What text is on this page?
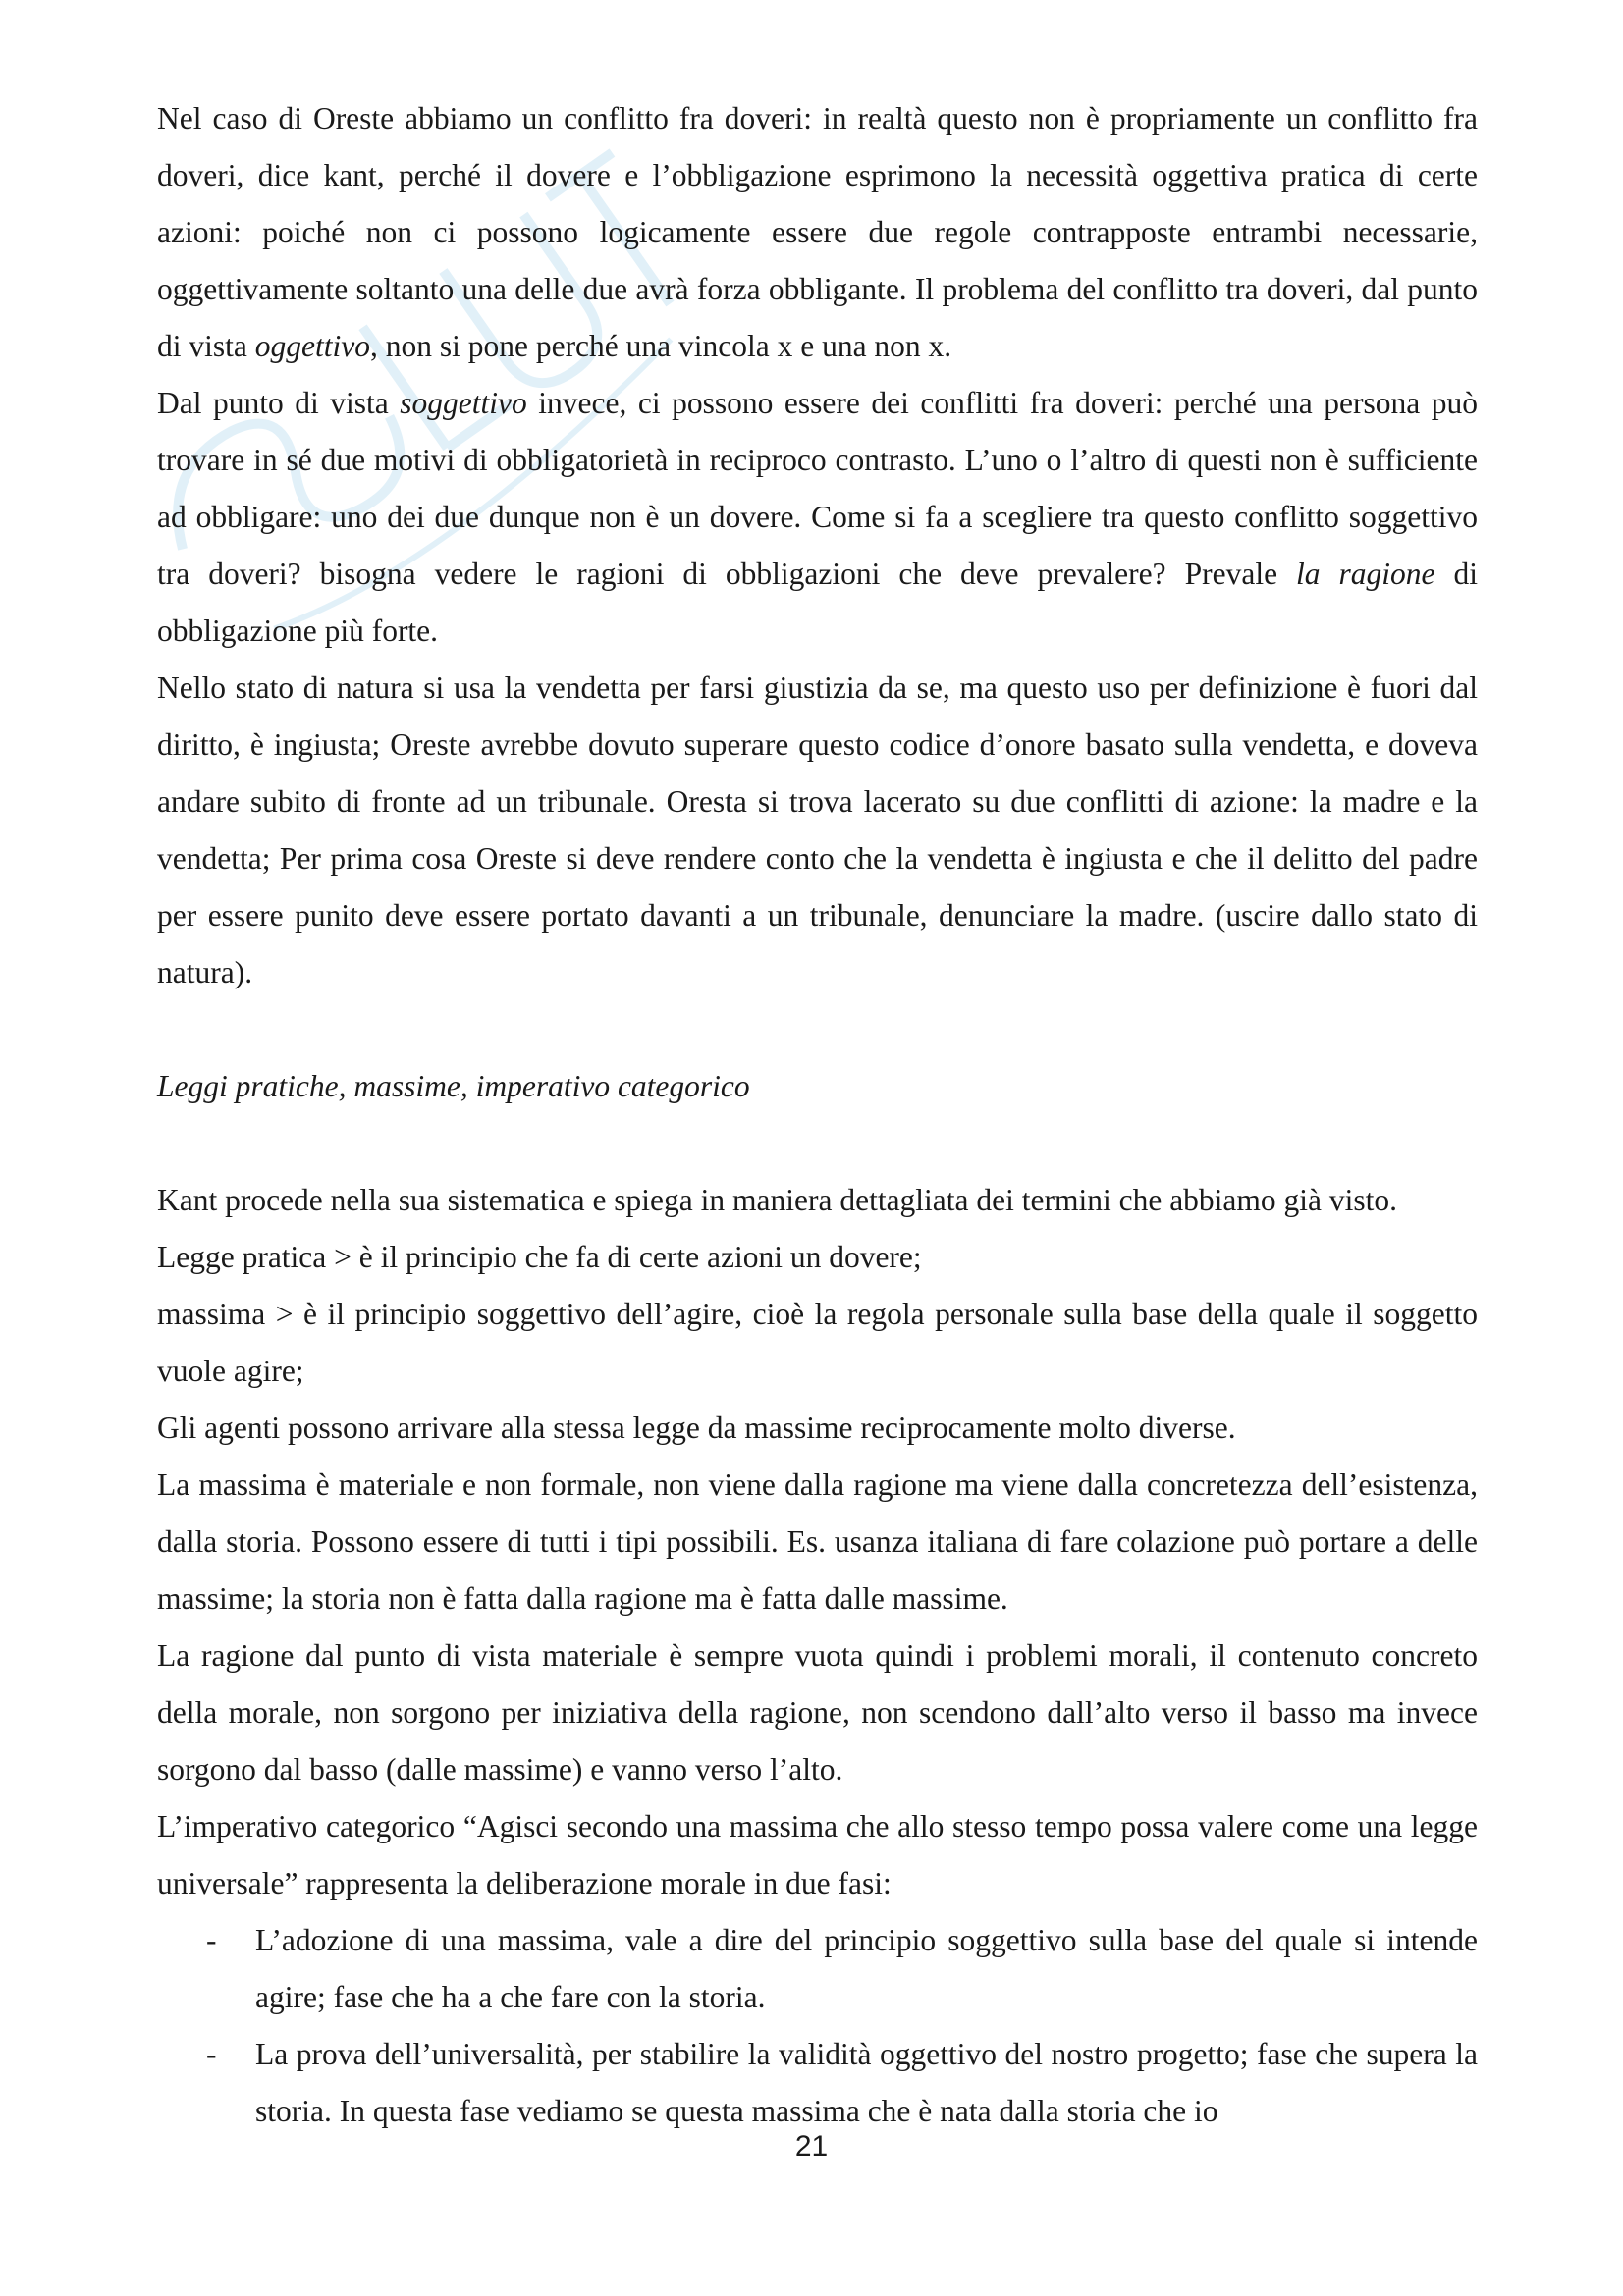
Nel caso di Oreste abbiamo un conflitto fra doveri: in realtà questo non è propriamente un conflitto fra doveri, dice kant, perché il dovere e l’obbligazione esprimono la necessità oggettiva pratica di certe azioni: poiché non ci possono logicamente essere due regole contrapposte entrambi necessarie, oggettivamente soltanto una delle due avrà forza obbligante. Il problema del conflitto tra doveri, dal punto di vista oggettivo, non si pone perché una vincola x e una non x.

Dal punto di vista soggettivo invece, ci possono essere dei conflitti fra doveri: perché una persona può trovare in sé due motivi di obbligatorietà in reciproco contrasto. L’uno o l’altro di questi non è sufficiente ad obbligare: uno dei due dunque non è un dovere. Come si fa a scegliere tra questo conflitto soggettivo tra doveri? bisogna vedere le ragioni di obbligazioni che deve prevalere? Prevale la ragione di obbligazione più forte.

Nello stato di natura si usa la vendetta per farsi giustizia da se, ma questo uso per definizione è fuori dal diritto, è ingiusta; Oreste avrebbe dovuto superare questo codice d’onore basato sulla vendetta, e doveva andare subito di fronte ad un tribunale. Oresta si trova lacerato su due conflitti di azione: la madre e la vendetta; Per prima cosa Oreste si deve rendere conto che la vendetta è ingiusta e che il delitto del padre per essere punito deve essere portato davanti a un tribunale, denunciare la madre. (uscire dallo stato di natura).

Leggi pratiche, massime, imperativo categorico

Kant procede nella sua sistematica e spiega in maniera dettagliata dei termini che abbiamo già visto.

Legge pratica > è il principio che fa di certe azioni un dovere;

massima > è il principio soggettivo dell’agire, cioè la regola personale sulla base della quale il soggetto vuole agire;

Gli agenti possono arrivare alla stessa legge da massime reciprocamente molto diverse.

La massima è materiale e non formale, non viene dalla ragione ma viene dalla concretezza dell’esistenza, dalla storia. Possono essere di tutti i tipi possibili. Es. usanza italiana di fare colazione può portare a delle massime; la storia non è fatta dalla ragione ma è fatta dalle massime.

La ragione dal punto di vista materiale è sempre vuota quindi i problemi morali, il contenuto concreto della morale, non sorgono per iniziativa della ragione, non scendono dall’alto verso il basso ma invece sorgono dal basso (dalle massime) e vanno verso l’alto.

L’imperativo categorico “Agisci secondo una massima che allo stesso tempo possa valere come una legge universale” rappresenta la deliberazione morale in due fasi:

- L’adozione di una massima, vale a dire del principio soggettivo sulla base del quale si intende agire; fase che ha a che fare con la storia.
- La prova dell’universalità, per stabilire la validità oggettivo del nostro progetto; fase che supera la storia. In questa fase vediamo se questa massima che è nata dalla storia che io
21
